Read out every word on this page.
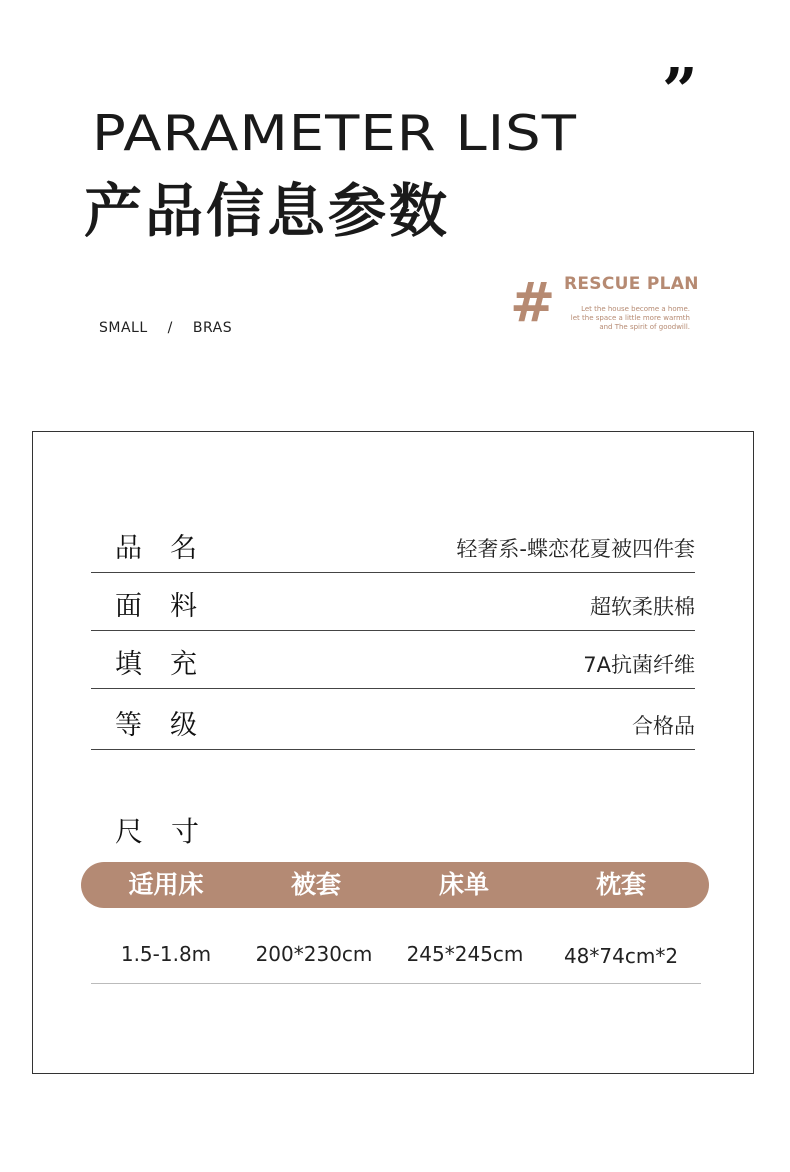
”
PARAMETER LIST
产品信息参数
SMALL / BRAS	# RESCUE PLAN
Let the house become a home.
let the space a little more warmth
and The spirit of goodwill.
品名	轻奢系-蝶恋花夏被四件套
面料	超软柔肤棉
填充	7A抗菌纤维
等级	合格品
尺寸
适用床	被套	床单	枕套
1.5-1.8m 200*230cm 245*245cm 48*74cm*2
